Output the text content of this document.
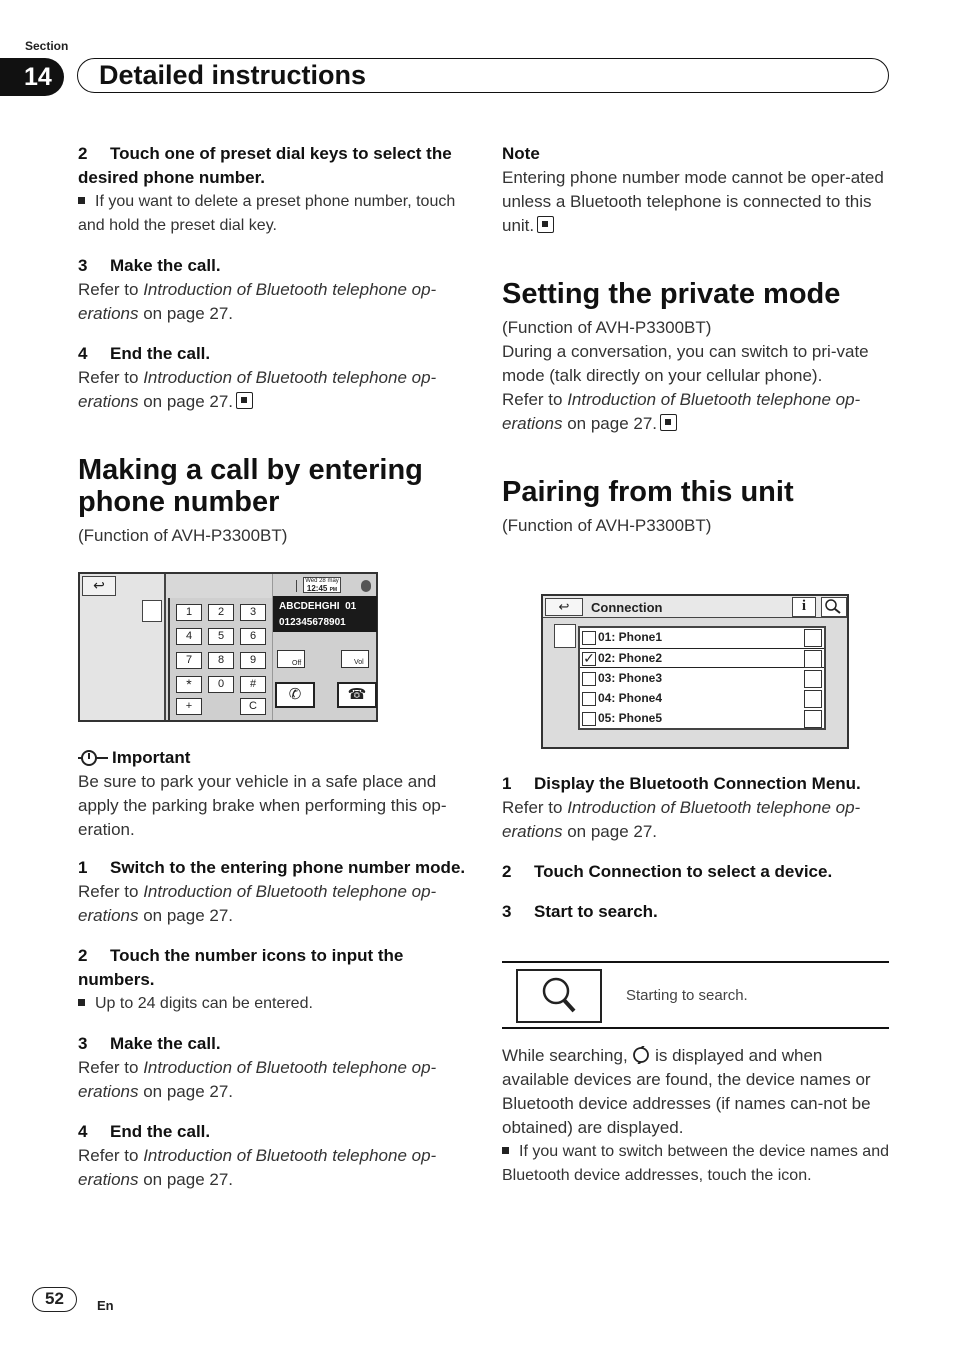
Section
14	Detailed instructions
2 Touch one of preset dial keys to select the desired phone number.
If you want to delete a preset phone number, touch and hold the preset dial key.
3 Make the call.
Refer to Introduction of Bluetooth telephone op-erations on page 27.
4 End the call.
Refer to Introduction of Bluetooth telephone op-erations on page 27.
Making a call by entering phone number
(Function of AVH-P3300BT)
↩
1	2	3
4	5	6
7	8	9
*	0	#
+	C
Wed 28 may
12:45 PM
ABCDEHGHI 01
012345678901
Off	Vol
✆	☎
Important
Be sure to park your vehicle in a safe place and apply the parking brake when performing this op-eration.
1 Switch to the entering phone number mode.
Refer to Introduction of Bluetooth telephone op-erations on page 27.
2 Touch the number icons to input the numbers.
Up to 24 digits can be entered.
3 Make the call.
Refer to Introduction of Bluetooth telephone op-erations on page 27.
4 End the call.
Refer to Introduction of Bluetooth telephone op-erations on page 27.
Note
Entering phone number mode cannot be oper-ated unless a Bluetooth telephone is connected to this unit.
Setting the private mode
(Function of AVH-P3300BT)
During a conversation, you can switch to pri-vate mode (talk directly on your cellular phone).
Refer to Introduction of Bluetooth telephone op-erations on page 27.
Pairing from this unit
(Function of AVH-P3300BT)
↩	Connection	i
01: Phone1
✓ 02: Phone2
03: Phone3
04: Phone4
05: Phone5
1 Display the Bluetooth Connection Menu.
Refer to Introduction of Bluetooth telephone op-erations on page 27.
2 Touch Connection to select a device.
3 Start to search.
Starting to search.
While searching,  is displayed and when available devices are found, the device names or Bluetooth device addresses (if names can-not be obtained) are displayed.
If you want to switch between the device names and Bluetooth device addresses, touch the icon.
52	En
